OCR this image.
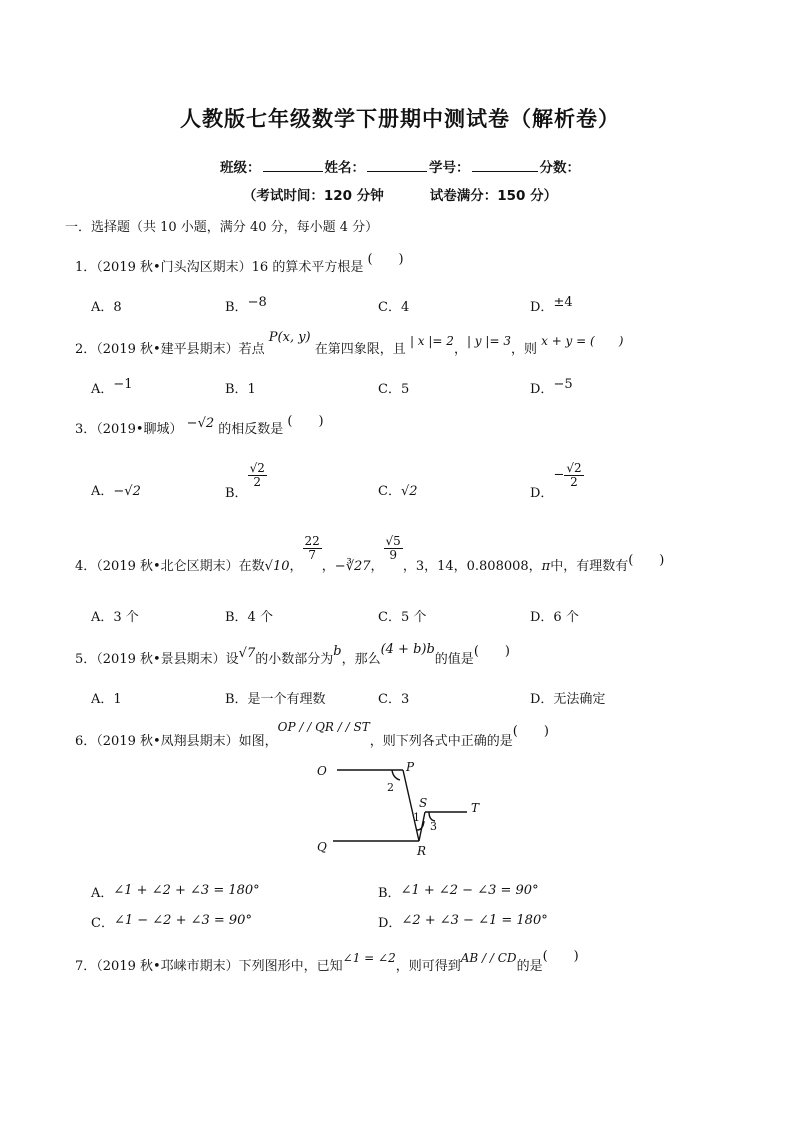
人教版七年级数学下册期中测试卷（解析卷）
班级：	姓名：	学号：	分数：
（考试时间：120 分钟	试卷满分：150 分）
一．选择题（共 10 小题，满分 40 分，每小题 4 分）
1．（2019 秋•门头沟区期末）16 的算术平方根是 (　　)
A．8	B．−8	C．4	D．±4
2．（2019 秋•建平县期末）若点 P(x, y) 在第四象限，且 | x |= 2，| y |= 3，则 x + y = (　　)
A．−1	B．1	C．5	D．−5
3．（2019•聊城） −√2 的相反数是 (　　)
A．−√2	B．
$\frac{√2}{2}$
C．√2	D．− $\frac{√2}{2}$
4．（2019 秋•北仑区期末）在数√10，
$\frac{22}{7}$
，−∛27，
$\frac{√5}{9}$
，3，14，0.808008，π中，有理数有(　　)
A．3 个	B．4 个	C．5 个	D．6 个
5．（2019 秋•景县期末）设√7的小数部分为b，那么(4 + b)b的值是(　　)
A．1	B．是一个有理数	C．3	D．无法确定
6．（2019 秋•凤翔县期末）如图，OP / / QR / / ST，则下列各式中正确的是(　　)
O	P
S	T
Q	R
2
1
3
A．∠1 + ∠2 + ∠3 = 180°	B．∠1 + ∠2 − ∠3 = 90°
C．∠1 − ∠2 + ∠3 = 90°	D．∠2 + ∠3 − ∠1 = 180°
7．（2019 秋•邛崃市期末）下列图形中，已知∠1 = ∠2，则可得到AB / / CD的是(　　)
